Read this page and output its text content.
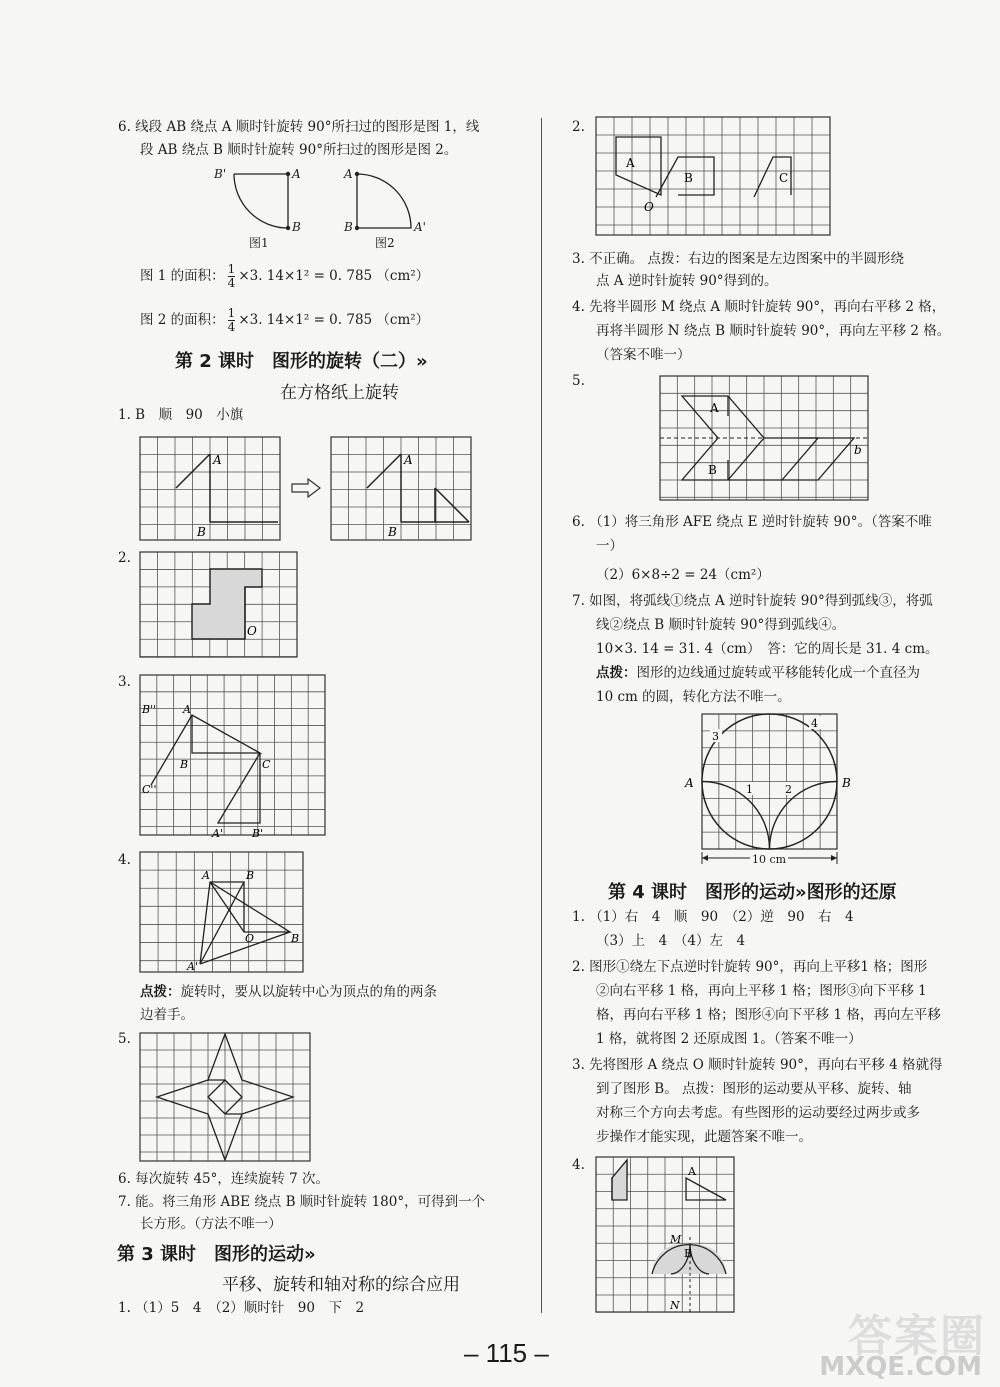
6. 线段 AB 绕点 A 顺时针旋转 90°所扫过的图形是图 1，线
段 AB 绕点 B 顺时针旋转 90°所扫过的图形是图 2。
B'	A
B
图1
A
B	A'
图2
图 1 的面积： $\frac{1}{4} \times 3$. 14×1² = 0. 785 （cm²）
图 2 的面积： $\frac{1}{4} \times 3$. 14×1² = 0. 785 （cm²）
第 2 课时　图形的旋转（二）»
在方格纸上旋转
1. B　顺　90　小旗
A
B
A
B
2.
O
3.
B'' A
B	C
C''
A'	B'
4.
A	B
O	B
A'
点拨：旋转时，要从以旋转中心为顶点的角的两条
边着手。
5.
6. 每次旋转 45°，连续旋转 7 次。
7. 能。将三角形 ABE 绕点 B 顺时针旋转 180°，可得到一个
长方形。（方法不唯一）
第 3 课时　图形的运动»
平移、旋转和轴对称的综合应用
1. （1）5　4　（2）顺时针　90　下　2
2.
A
B	C
O
3. 不正确。 点拨：右边的图案是左边图案中的半圆形绕
点 A 逆时针旋转 90°得到的。
4. 先将半圆形 M 绕点 A 顺时针旋转 90°，再向右平移 2 格，
再将半圆形 N 绕点 B 顺时针旋转 90°，再向左平移 2 格。
（答案不唯一）
5.
A
B
b
6. （1）将三角形 AFE 绕点 E 逆时针旋转 90°。（答案不唯
一）
（2）6×8÷2 = 24（cm²）
7. 如图，将弧线①绕点 A 逆时针旋转 90°得到弧线③，将弧
线②绕点 B 顺时针旋转 90°得到弧线④。
10×3. 14 = 31. 4（cm）　答：它的周长是 31. 4 cm。
点拨：图形的边线通过旋转或平移能转化成一个直径为
10 cm 的圆，转化方法不唯一。
3
4
1	2
A	B
10 cm
第 4 课时　图形的运动»图形的还原
1. （1）右　4　顺　90　（2）逆　90　右　4
（3）上　4　（4）左　4
2. 图形①绕左下点逆时针旋转 90°，再向上平移1 格；图形
②向右平移 1 格，再向上平移 1 格；图形③向下平移 1
格，再向右平移 1 格；图形④向下平移 1 格，再向左平移
1 格，就将图 2 还原成图 1。（答案不唯一）
3. 先将图形 A 绕点 O 顺时针旋转 90°，再向右平移 4 格就得
到了图形 B。 点拨：图形的运动要从平移、旋转、轴
对称三个方向去考虑。有些图形的运动要经过两步或多
步操作才能实现，此题答案不唯一。
4.	A
B
M
N
– 115 –	答案圈
MXQE.COM
